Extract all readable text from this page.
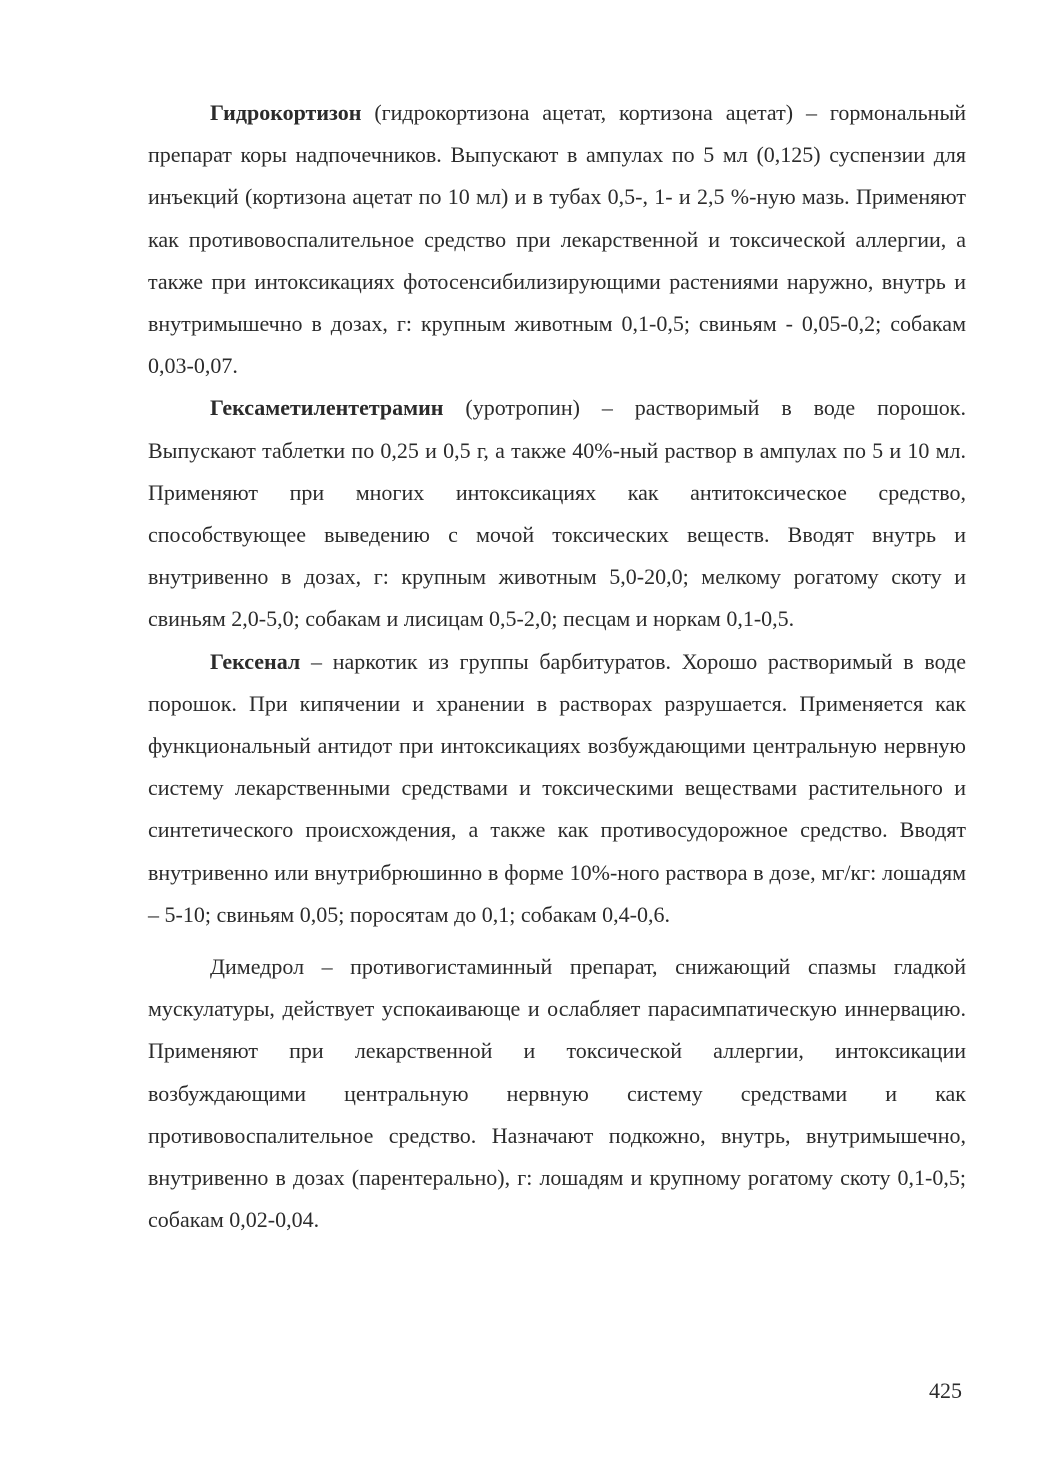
Гидрокортизон (гидрокортизона ацетат, кортизона ацетат) – гормональный препарат коры надпочечников. Выпускают в ампулах по 5 мл (0,125) суспензии для инъекций (кортизона ацетат по 10 мл) и в тубах 0,5-, 1- и 2,5 %-ную мазь. Применяют как противовоспалительное средство при лекарственной и токсической аллергии, а также при интоксикациях фотосенсибилизирующими растениями наружно, внутрь и внутримышечно в дозах, г: крупным животным 0,1-0,5; свиньям - 0,05-0,2; собакам 0,03-0,07.

Гексаметилентетрамин (уротропин) – растворимый в воде порошок. Выпускают таблетки по 0,25 и 0,5 г, а также 40%-ный раствор в ампулах по 5 и 10 мл. Применяют при многих интоксикациях как антитоксическое средство, способствующее выведению с мочой токсических веществ. Вводят внутрь и внутривенно в дозах, г: крупным животным 5,0-20,0; мелкому рогатому скоту и свиньям 2,0-5,0; собакам и лисицам 0,5-2,0; песцам и норкам 0,1-0,5.

Гексенал – наркотик из группы барбитуратов. Хорошо растворимый в воде порошок. При кипячении и хранении в растворах разрушается. Применяется как функциональный антидот при интоксикациях возбуждающими центральную нервную систему лекарственными средствами и токсическими веществами растительного и синтетического происхождения, а также как противосудорожное средство. Вводят внутривенно или внутрибрюшинно в форме 10%-ного раствора в дозе, мг/кг: лошадям – 5-10; свиньям 0,05; поросятам до 0,1; собакам 0,4-0,6.

Димедрол – противогистаминный препарат, снижающий спазмы гладкой мускулатуры, действует успокаивающе и ослабляет парасимпатическую иннервацию. Применяют при лекарственной и токсической аллергии, интоксикации возбуждающими центральную нервную систему средствами и как противовоспалительное средство. Назначают подкожно, внутрь, внутримышечно, внутривенно в дозах (парентерально), г: лошадям и крупному рогатому скоту 0,1-0,5; собакам 0,02-0,04.

425
